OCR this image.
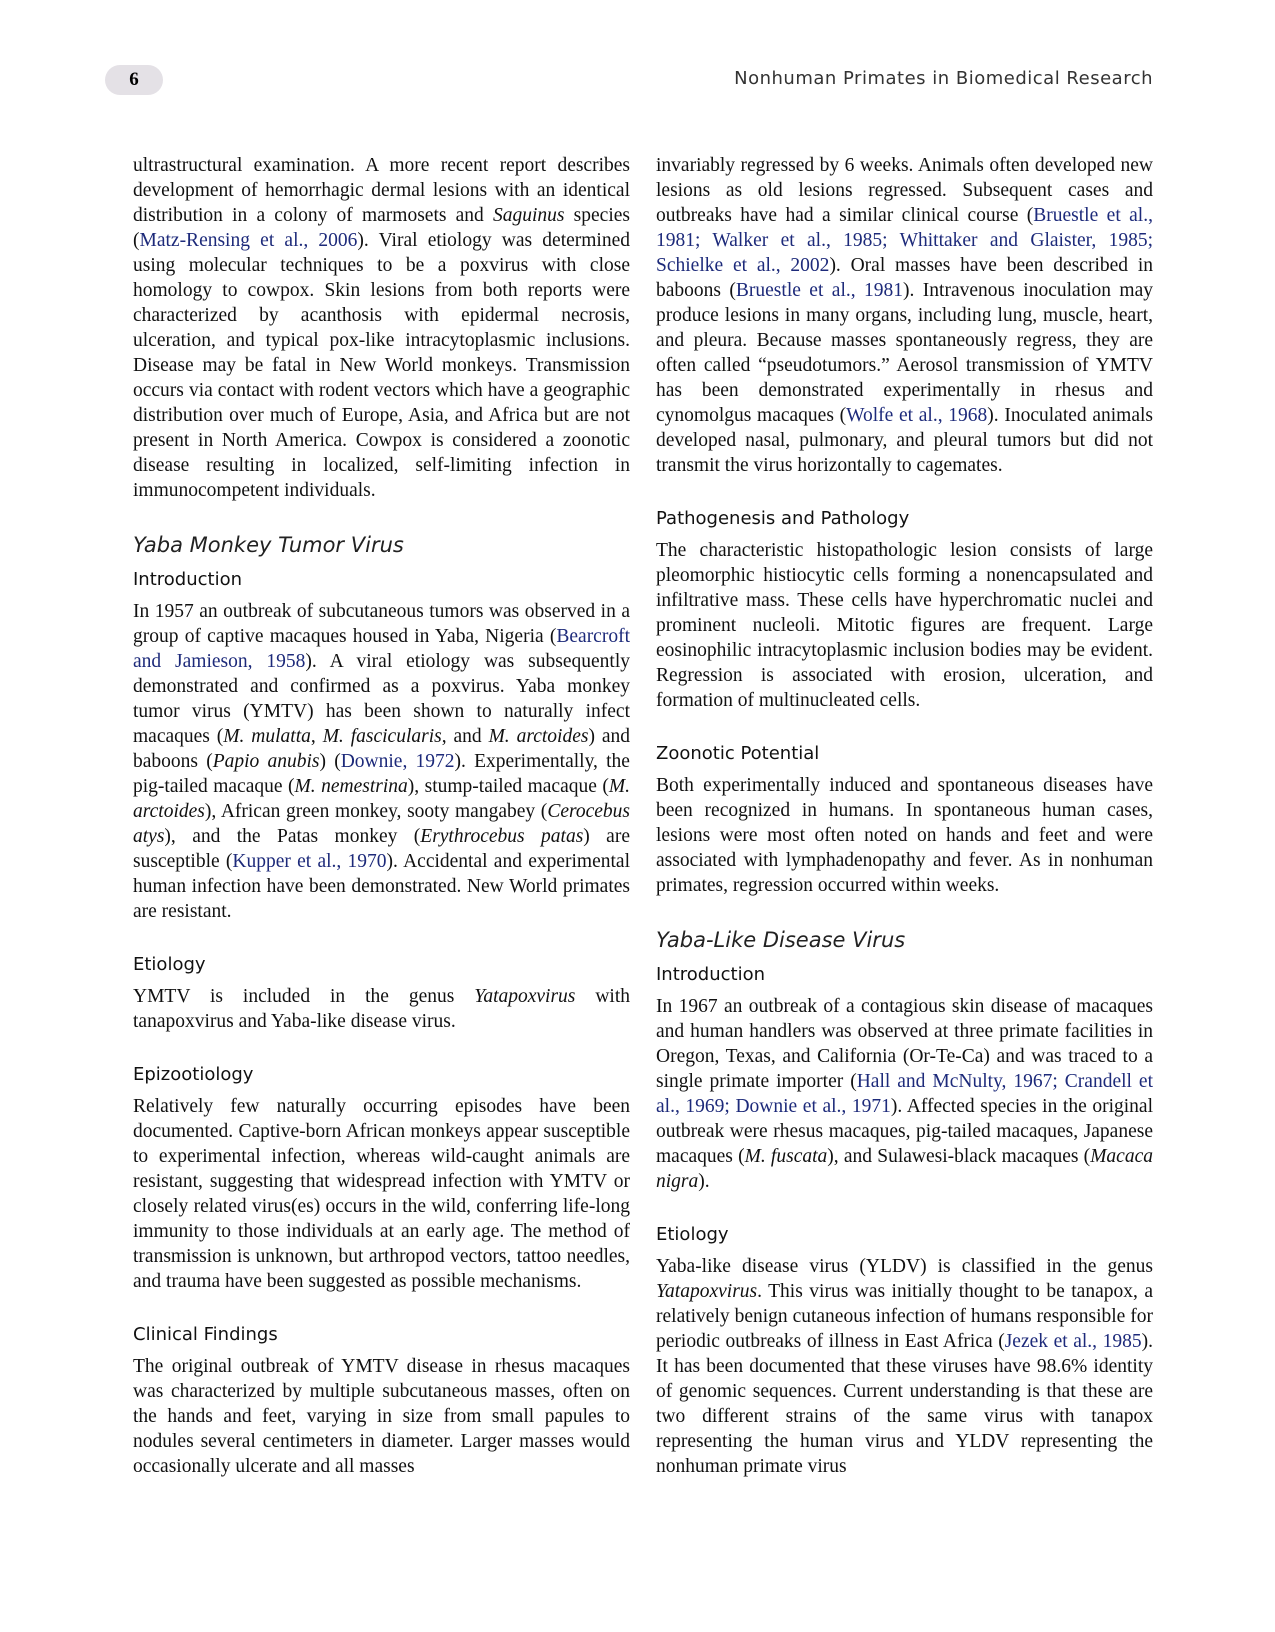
6	Nonhuman Primates in Biomedical Research

ultrastructural examination. A more recent report describes development of hemorrhagic dermal lesions with an identical distribution in a colony of marmosets and Saguinus species (Matz-Rensing et al., 2006). Viral etiology was determined using molecular techniques to be a poxvirus with close homology to cowpox. Skin lesions from both reports were characterized by acanthosis with epidermal necrosis, ulceration, and typical pox-like intracytoplasmic inclusions. Disease may be fatal in New World monkeys. Transmission occurs via contact with rodent vectors which have a geographic distribution over much of Europe, Asia, and Africa but are not present in North America. Cowpox is considered a zoonotic disease resulting in localized, self-limiting infection in immunocompetent individuals.

Yaba Monkey Tumor Virus
Introduction

In 1957 an outbreak of subcutaneous tumors was observed in a group of captive macaques housed in Yaba, Nigeria (Bearcroft and Jamieson, 1958). A viral etiology was subsequently demonstrated and confirmed as a poxvirus. Yaba monkey tumor virus (YMTV) has been shown to naturally infect macaques (M. mulatta, M. fascicularis, and M. arctoides) and baboons (Papio anubis) (Downie, 1972). Experimentally, the pig-tailed macaque (M. nemestrina), stump-tailed macaque (M. arctoides), African green monkey, sooty mangabey (Cerocebus atys), and the Patas monkey (Erythrocebus patas) are susceptible (Kupper et al., 1970). Accidental and experimental human infection have been demonstrated. New World primates are resistant.

Etiology

YMTV is included in the genus Yatapoxvirus with tanapoxvirus and Yaba-like disease virus.

Epizootiology

Relatively few naturally occurring episodes have been documented. Captive-born African monkeys appear susceptible to experimental infection, whereas wild-caught animals are resistant, suggesting that widespread infection with YMTV or closely related virus(es) occurs in the wild, conferring life-long immunity to those individuals at an early age. The method of transmission is unknown, but arthropod vectors, tattoo needles, and trauma have been suggested as possible mechanisms.

Clinical Findings

The original outbreak of YMTV disease in rhesus macaques was characterized by multiple subcutaneous masses, often on the hands and feet, varying in size from small papules to nodules several centimeters in diameter. Larger masses would occasionally ulcerate and all masses

invariably regressed by 6 weeks. Animals often developed new lesions as old lesions regressed. Subsequent cases and outbreaks have had a similar clinical course (Bruestle et al., 1981; Walker et al., 1985; Whittaker and Glaister, 1985; Schielke et al., 2002). Oral masses have been described in baboons (Bruestle et al., 1981). Intravenous inoculation may produce lesions in many organs, including lung, muscle, heart, and pleura. Because masses spontaneously regress, they are often called “pseudotumors.” Aerosol transmission of YMTV has been demonstrated experimentally in rhesus and cynomolgus macaques (Wolfe et al., 1968). Inoculated animals developed nasal, pulmonary, and pleural tumors but did not transmit the virus horizontally to cagemates.

Pathogenesis and Pathology

The characteristic histopathologic lesion consists of large pleomorphic histiocytic cells forming a nonencapsulated and infiltrative mass. These cells have hyperchromatic nuclei and prominent nucleoli. Mitotic figures are frequent. Large eosinophilic intracytoplasmic inclusion bodies may be evident. Regression is associated with erosion, ulceration, and formation of multinucleated cells.

Zoonotic Potential

Both experimentally induced and spontaneous diseases have been recognized in humans. In spontaneous human cases, lesions were most often noted on hands and feet and were associated with lymphadenopathy and fever. As in nonhuman primates, regression occurred within weeks.

Yaba-Like Disease Virus
Introduction

In 1967 an outbreak of a contagious skin disease of macaques and human handlers was observed at three primate facilities in Oregon, Texas, and California (Or-Te-Ca) and was traced to a single primate importer (Hall and McNulty, 1967; Crandell et al., 1969; Downie et al., 1971). Affected species in the original outbreak were rhesus macaques, pig-tailed macaques, Japanese macaques (M. fuscata), and Sulawesi-black macaques (Macaca nigra).

Etiology

Yaba-like disease virus (YLDV) is classified in the genus Yatapoxvirus. This virus was initially thought to be tanapox, a relatively benign cutaneous infection of humans responsible for periodic outbreaks of illness in East Africa (Jezek et al., 1985). It has been documented that these viruses have 98.6% identity of genomic sequences. Current understanding is that these are two different strains of the same virus with tanapox representing the human virus and YLDV representing the nonhuman primate virus
